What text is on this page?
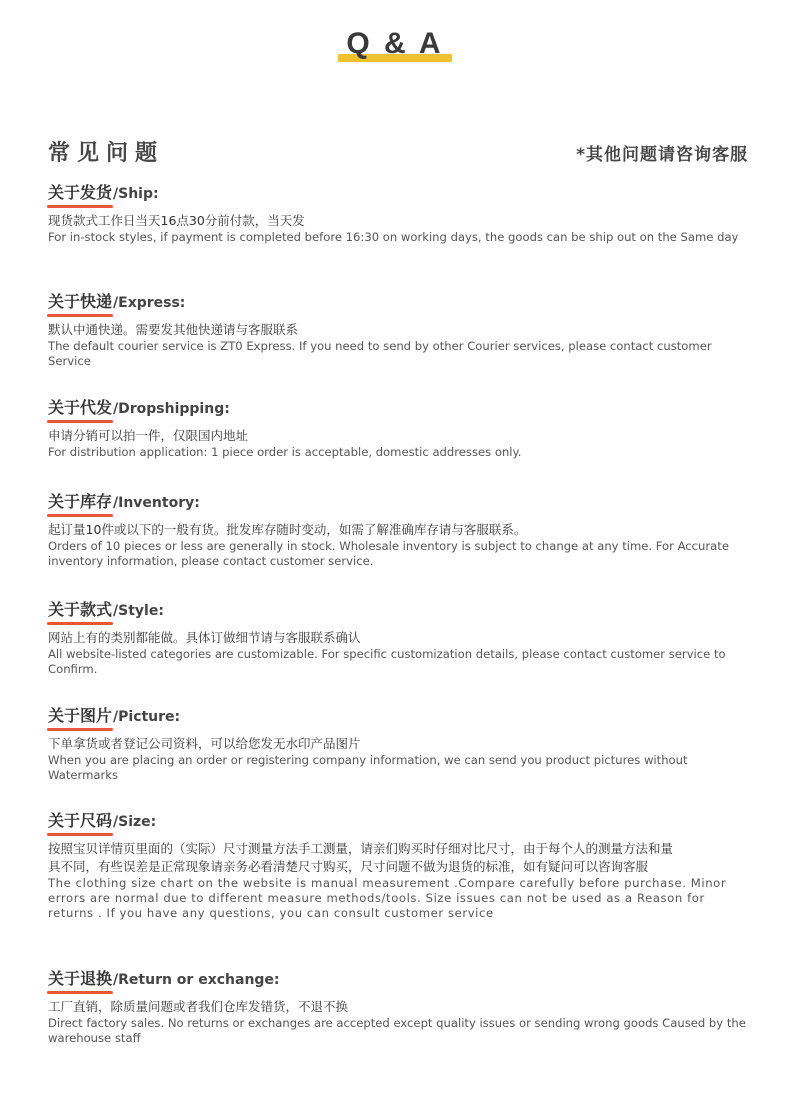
Q & A
常见问题	*其他问题请咨询客服
关于发货
/Ship:
现货款式工作日当天16点30分前付款，当天发
For in-stock styles, if payment is completed before 16:30 on working days, the goods can be ship out on the Same day
关于快递
/Express:
默认中通快递。需要发其他快递请与客服联系
The default courier service is ZT0 Express. If you need to send by other Courier services, please contact customer Service
关于代发
/Dropshipping:
申请分销可以拍一件，仅限国内地址
For distribution application: 1 piece order is acceptable, domestic addresses only.
关于库存
/Inventory:
起订量10件或以下的一般有货。批发库存随时变动，如需了解准确库存请与客服联系。
Orders of 10 pieces or less are generally in stock. Wholesale inventory is subject to change at any time. For Accurate inventory information, please contact customer service.
关于款式
/Style:
网站上有的类别都能做。具体订做细节请与客服联系确认
All website-listed categories are customizable. For specific customization details, please contact customer service to Confirm.
关于图片
/Picture:
下单拿货或者登记公司资料，可以给您发无水印产品图片
When you are placing an order or registering company information, we can send you product pictures without Watermarks
关于尺码
/Size:
按照宝贝详情页里面的（实际）尺寸测量方法手工测量，请亲们购买时仔细对比尺寸，由于每个人的测量方法和量具不同，有些误差是正常现象请亲务必看清楚尺寸购买，尺寸问题不做为退货的标准，如有疑问可以咨询客服
The clothing size chart on the website is manual measurement .Compare carefully before purchase. Minor errors are normal due to different measure methods/tools. Size issues can not be used as a Reason for returns . If you have any questions, you can consult customer service
关于退换
/Return or exchange:
工厂直销，除质量问题或者我们仓库发错货，不退不换
Direct factory sales. No returns or exchanges are accepted except quality issues or sending wrong goods Caused by the warehouse staff
